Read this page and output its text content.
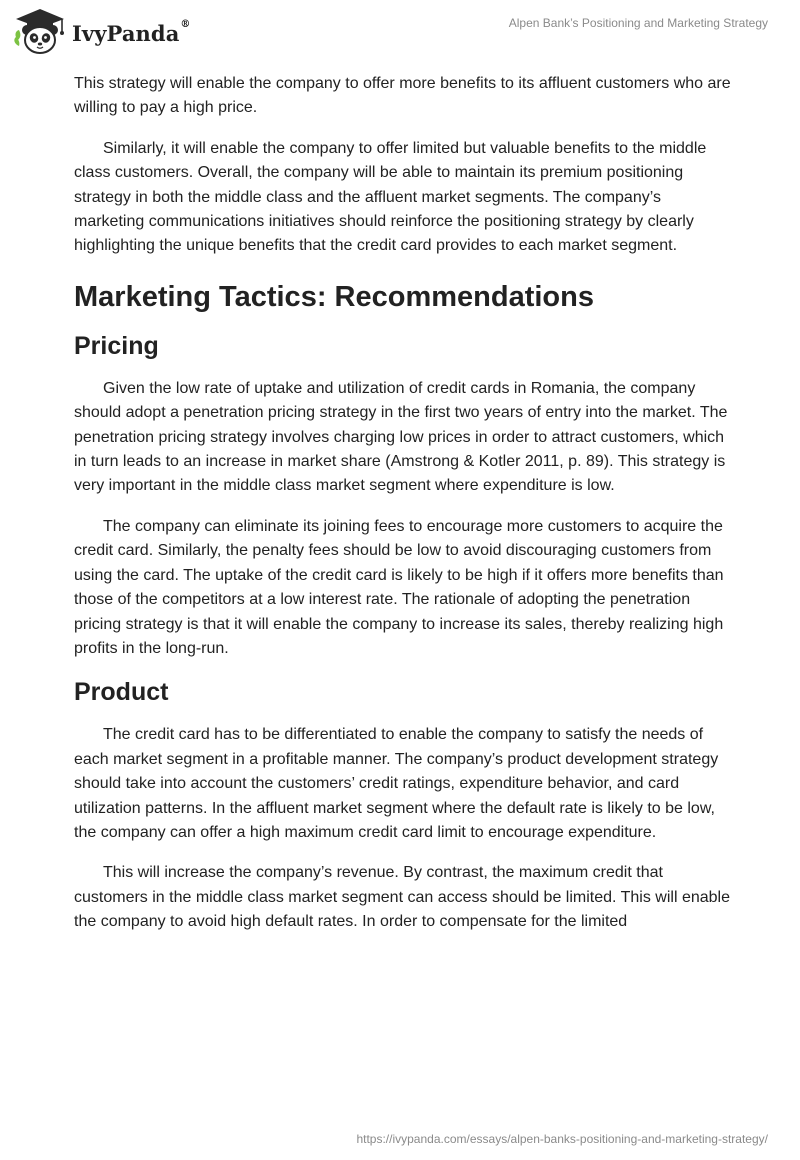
IvyPanda®	Alpen Bank’s Positioning and Marketing Strategy

This strategy will enable the company to offer more benefits to its affluent customers who are willing to pay a high price.

Similarly, it will enable the company to offer limited but valuable benefits to the middle class customers. Overall, the company will be able to maintain its premium positioning strategy in both the middle class and the affluent market segments. The company’s marketing communications initiatives should reinforce the positioning strategy by clearly highlighting the unique benefits that the credit card provides to each market segment.

Marketing Tactics: Recommendations
Pricing

Given the low rate of uptake and utilization of credit cards in Romania, the company should adopt a penetration pricing strategy in the first two years of entry into the market. The penetration pricing strategy involves charging low prices in order to attract customers, which in turn leads to an increase in market share (Amstrong & Kotler 2011, p. 89). This strategy is very important in the middle class market segment where expenditure is low.

The company can eliminate its joining fees to encourage more customers to acquire the credit card. Similarly, the penalty fees should be low to avoid discouraging customers from using the card. The uptake of the credit card is likely to be high if it offers more benefits than those of the competitors at a low interest rate. The rationale of adopting the penetration pricing strategy is that it will enable the company to increase its sales, thereby realizing high profits in the long-run.

Product

The credit card has to be differentiated to enable the company to satisfy the needs of each market segment in a profitable manner. The company’s product development strategy should take into account the customers’ credit ratings, expenditure behavior, and card utilization patterns. In the affluent market segment where the default rate is likely to be low, the company can offer a high maximum credit card limit to encourage expenditure.

This will increase the company’s revenue. By contrast, the maximum credit that customers in the middle class market segment can access should be limited. This will enable the company to avoid high default rates. In order to compensate for the limited

https://ivypanda.com/essays/alpen-banks-positioning-and-marketing-strategy/
